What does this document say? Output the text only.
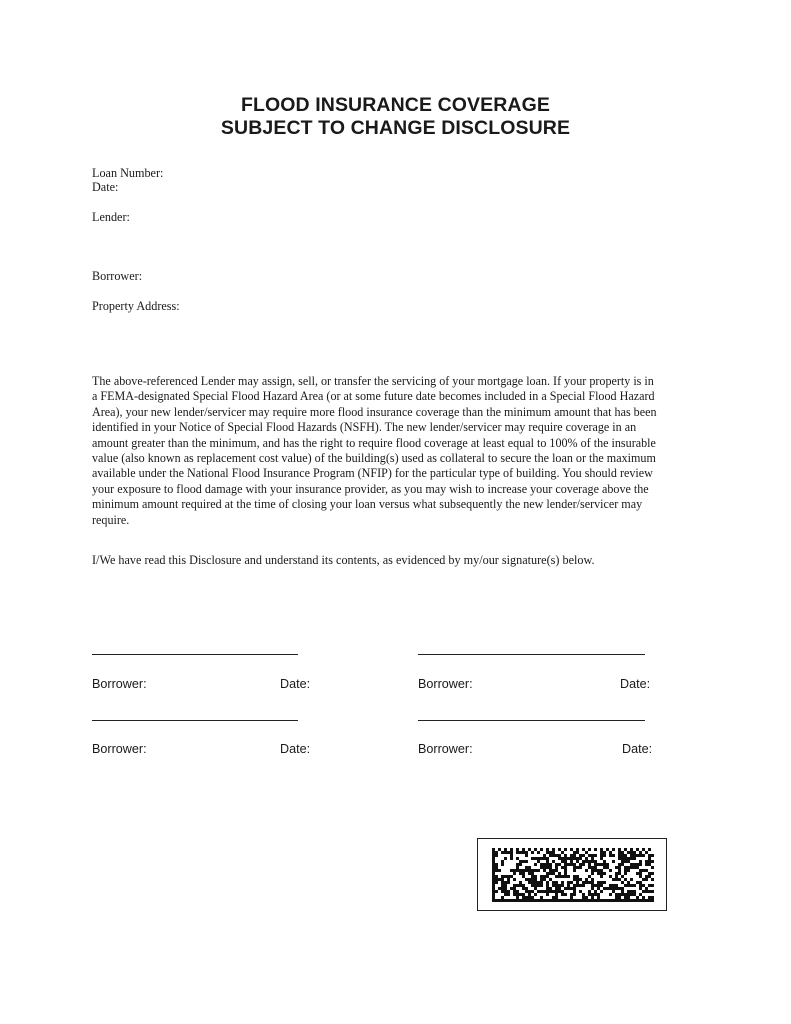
FLOOD INSURANCE COVERAGE
SUBJECT TO CHANGE DISCLOSURE
Loan Number:
Date:
Lender:
Borrower:
Property Address:
The above-referenced Lender may assign, sell, or transfer the servicing of your mortgage loan. If your property is in
a FEMA-designated Special Flood Hazard Area (or at some future date becomes included in a Special Flood Hazard
Area), your new lender/servicer may require more flood insurance coverage than the minimum amount that has been
identified in your Notice of Special Flood Hazards (NSFH). The new lender/servicer may require coverage in an
amount greater than the minimum, and has the right to require flood coverage at least equal to 100% of the insurable
value (also known as replacement cost value) of the building(s) used as collateral to secure the loan or the maximum
available under the National Flood Insurance Program (NFIP) for the particular type of building. You should review
your exposure to flood damage with your insurance provider, as you may wish to increase your coverage above the
minimum amount required at the time of closing your loan versus what subsequently the new lender/servicer may
require.
I/We have read this Disclosure and understand its contents, as evidenced by my/our signature(s) below.
Borrower:	Date:	Borrower:	Date:
Borrower:	Date:	Borrower:	Date:
